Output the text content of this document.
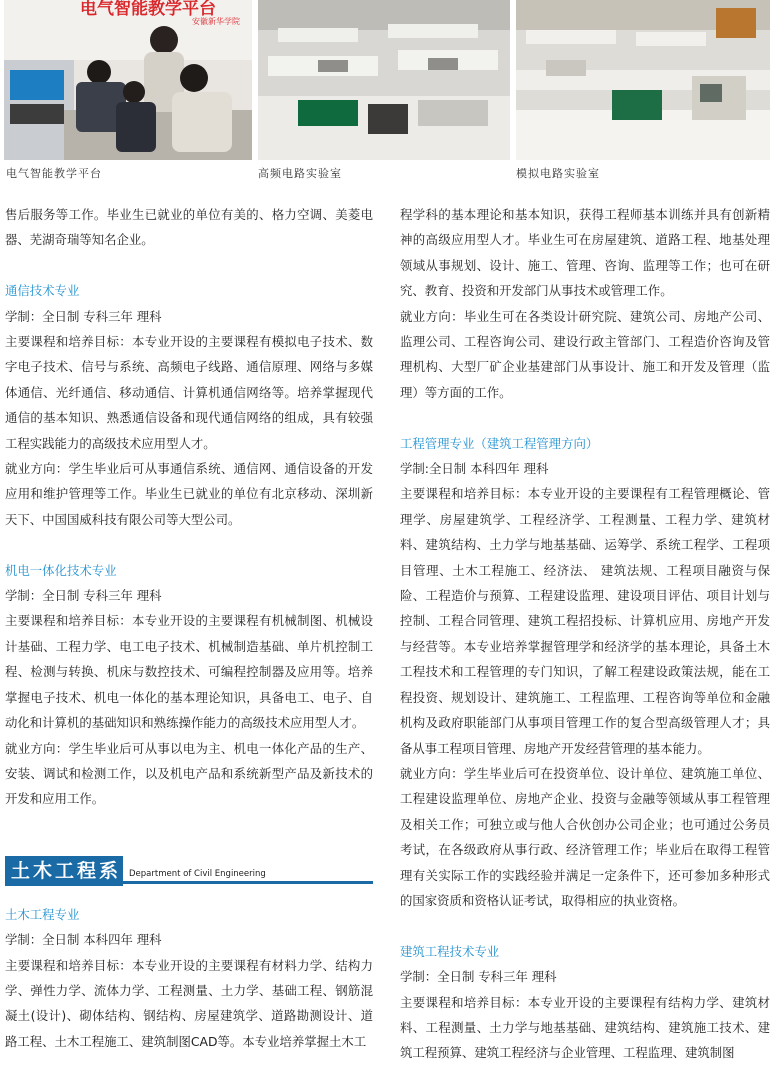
电气智能教学平台
安徽新华学院
电气智能教学平台	高频电路实验室	模拟电路实验室

售后服务等工作。毕业生已就业的单位有美的、格力空调、美菱电器、芜湖奇瑞等知名企业。

通信技术专业

学制：全日制 专科三年 理科

主要课程和培养目标：本专业开设的主要课程有模拟电子技术、数字电子技术、信号与系统、高频电子线路、通信原理、网络与多媒体通信、光纤通信、移动通信、计算机通信网络等。培养掌握现代通信的基本知识、熟悉通信设备和现代通信网络的组成，具有较强工程实践能力的高级技术应用型人才。

就业方向：学生毕业后可从事通信系统、通信网、通信设备的开发应用和维护管理等工作。毕业生已就业的单位有北京移动、深圳新天下、中国国威科技有限公司等大型公司。

机电一体化技术专业

学制：全日制 专科三年 理科

主要课程和培养目标：本专业开设的主要课程有机械制图、机械设计基础、工程力学、电工电子技术、机械制造基础、单片机控制工程、检测与转换、机床与数控技术、可编程控制器及应用等。培养掌握电子技术、机电一体化的基本理论知识，具备电工、电子、自动化和计算机的基础知识和熟练操作能力的高级技术应用型人才。

就业方向：学生毕业后可从事以电为主、机电一体化产品的生产、安装、调试和检测工作，以及机电产品和系统新型产品及新技术的开发和应用工作。

土木工程系 Department of Civil Engineering

土木工程专业

学制：全日制 本科四年 理科

主要课程和培养目标：本专业开设的主要课程有材料力学、结构力学、弹性力学、流体力学、工程测量、土力学、基础工程、钢筋混凝土(设计)、砌体结构、钢结构、房屋建筑学、道路勘测设计、道路工程、土木工程施工、建筑制图CAD等。本专业培养掌握土木工

程学科的基本理论和基本知识，获得工程师基本训练并具有创新精神的高级应用型人才。毕业生可在房屋建筑、道路工程、地基处理领域从事规划、设计、施工、管理、咨询、监理等工作；也可在研究、教育、投资和开发部门从事技术或管理工作。

就业方向：毕业生可在各类设计研究院、建筑公司、房地产公司、监理公司、工程咨询公司、建设行政主管部门、工程造价咨询及管理机构、大型厂矿企业基建部门从事设计、施工和开发及管理（监理）等方面的工作。

工程管理专业（建筑工程管理方向）

学制:全日制 本科四年 理科

主要课程和培养目标：本专业开设的主要课程有工程管理概论、管理学、房屋建筑学、工程经济学、工程测量、工程力学、建筑材料、建筑结构、土力学与地基基础、运筹学、系统工程学、工程项目管理、土木工程施工、经济法、 建筑法规、工程项目融资与保险、工程造价与预算、工程建设监理、建设项目评估、项目计划与控制、工程合同管理、建筑工程招投标、计算机应用、房地产开发与经营等。本专业培养掌握管理学和经济学的基本理论，具备土木工程技术和工程管理的专门知识，了解工程建设政策法规，能在工程投资、规划设计、建筑施工、工程监理、工程咨询等单位和金融机构及政府职能部门从事项目管理工作的复合型高级管理人才；具备从事工程项目管理、房地产开发经营管理的基本能力。

就业方向：学生毕业后可在投资单位、设计单位、建筑施工单位、工程建设监理单位、房地产企业、投资与金融等领域从事工程管理及相关工作；可独立或与他人合伙创办公司企业；也可通过公务员考试，在各级政府从事行政、经济管理工作；毕业后在取得工程管理有关实际工作的实践经验并满足一定条件下，还可参加多种形式的国家资质和资格认证考试，取得相应的执业资格。

建筑工程技术专业

学制：全日制 专科三年 理科

主要课程和培养目标：本专业开设的主要课程有结构力学、建筑材料、工程测量、土力学与地基基础、建筑结构、建筑施工技术、建筑工程预算、建筑工程经济与企业管理、工程监理、建筑制图
